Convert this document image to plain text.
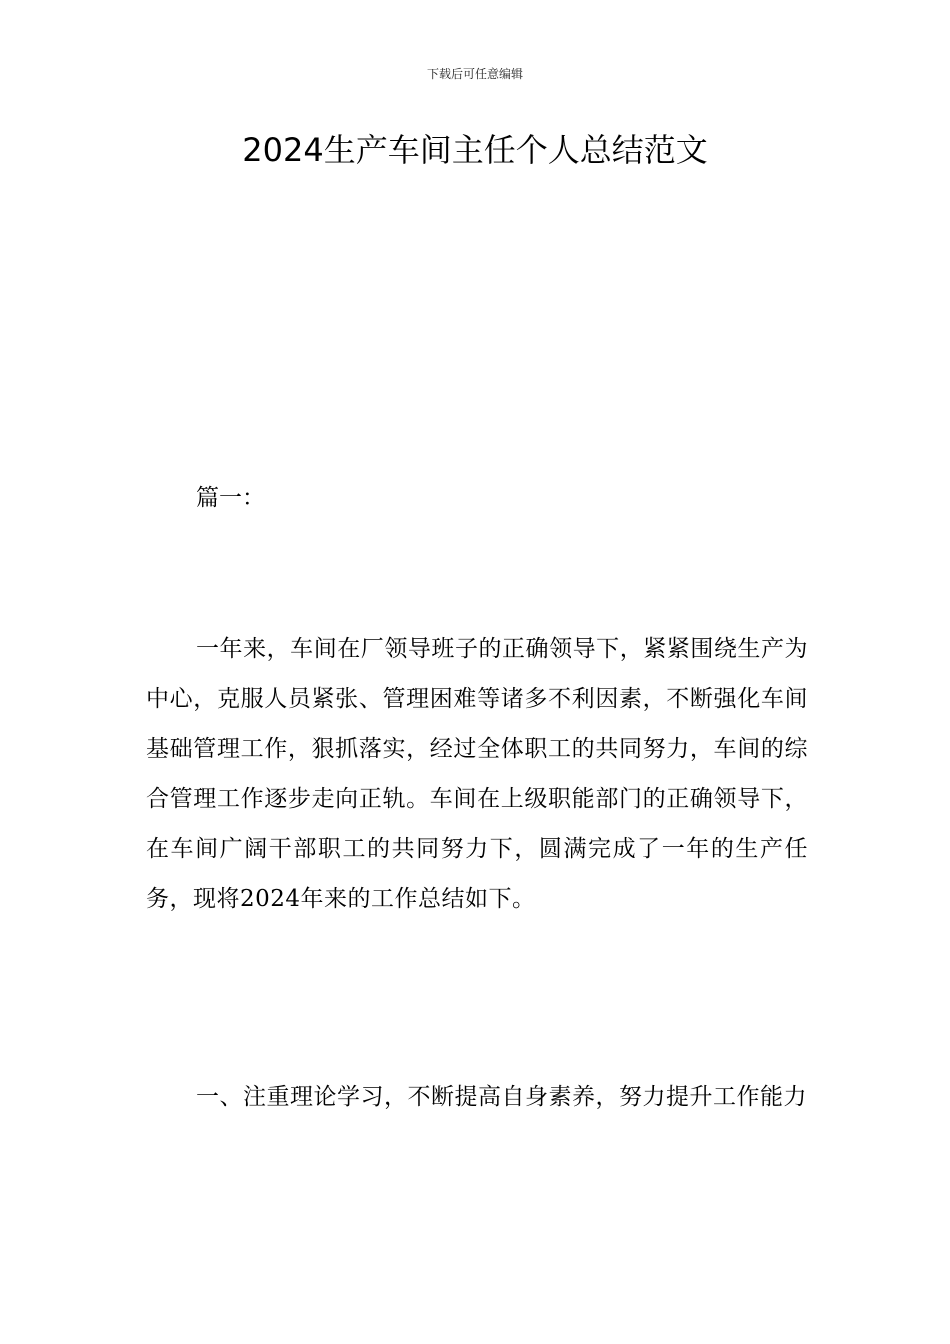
下载后可任意编辑
2024生产车间主任个人总结范文
篇一：

一年来，车间在厂领导班子的正确领导下，紧紧围绕生产为中心，克服人员紧张、管理困难等诸多不利因素，不断强化车间基础管理工作，狠抓落实，经过全体职工的共同努力，车间的综合管理工作逐步走向正轨。车间在上级职能部门的正确领导下，在车间广阔干部职工的共同努力下，圆满完成了一年的生产任务，现将2024年来的工作总结如下。

一、注重理论学习，不断提高自身素养，努力提升工作能力
